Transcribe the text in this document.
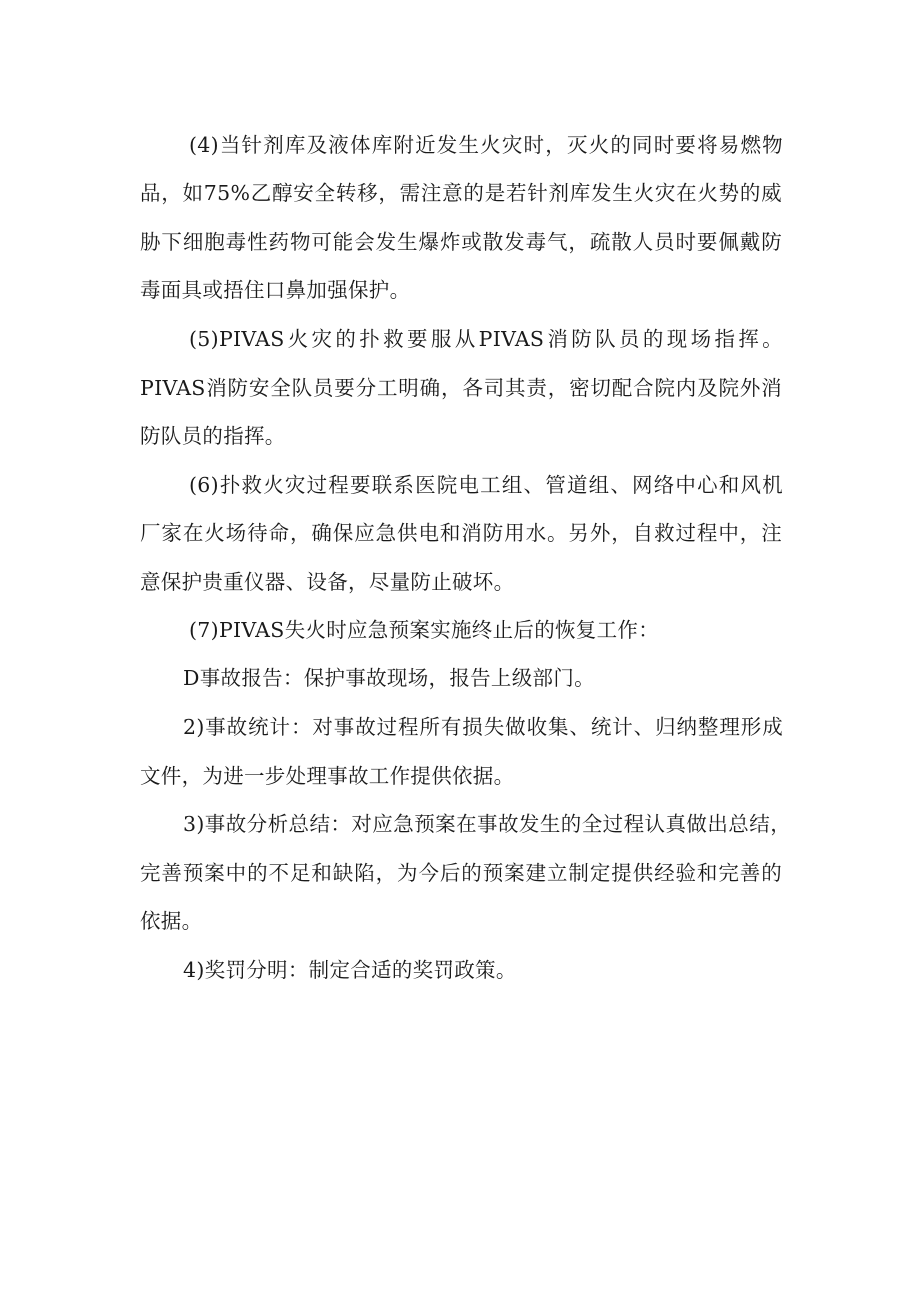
(4)当针剂库及液体库附近发生火灾时，灭火的同时要将易燃物

品，如75%乙醇安全转移，需注意的是若针剂库发生火灾在火势的威

胁下细胞毒性药物可能会发生爆炸或散发毒气，疏散人员时要佩戴防

毒面具或捂住口鼻加强保护。

(5)PIVAS火灾的扑救要服从PIVAS消防队员的现场指挥。

PIVAS消防安全队员要分工明确，各司其责，密切配合院内及院外消

防队员的指挥。

(6)扑救火灾过程要联系医院电工组、管道组、网络中心和风机

厂家在火场待命，确保应急供电和消防用水。另外，自救过程中，注

意保护贵重仪器、设备，尽量防止破坏。

(7)PIVAS失火时应急预案实施终止后的恢复工作：

D事故报告：保护事故现场，报告上级部门。

2)事故统计：对事故过程所有损失做收集、统计、归纳整理形成

文件，为进一步处理事故工作提供依据。

3)事故分析总结：对应急预案在事故发生的全过程认真做出总结，

完善预案中的不足和缺陷，为今后的预案建立制定提供经验和完善的

依据。

4)奖罚分明：制定合适的奖罚政策。
